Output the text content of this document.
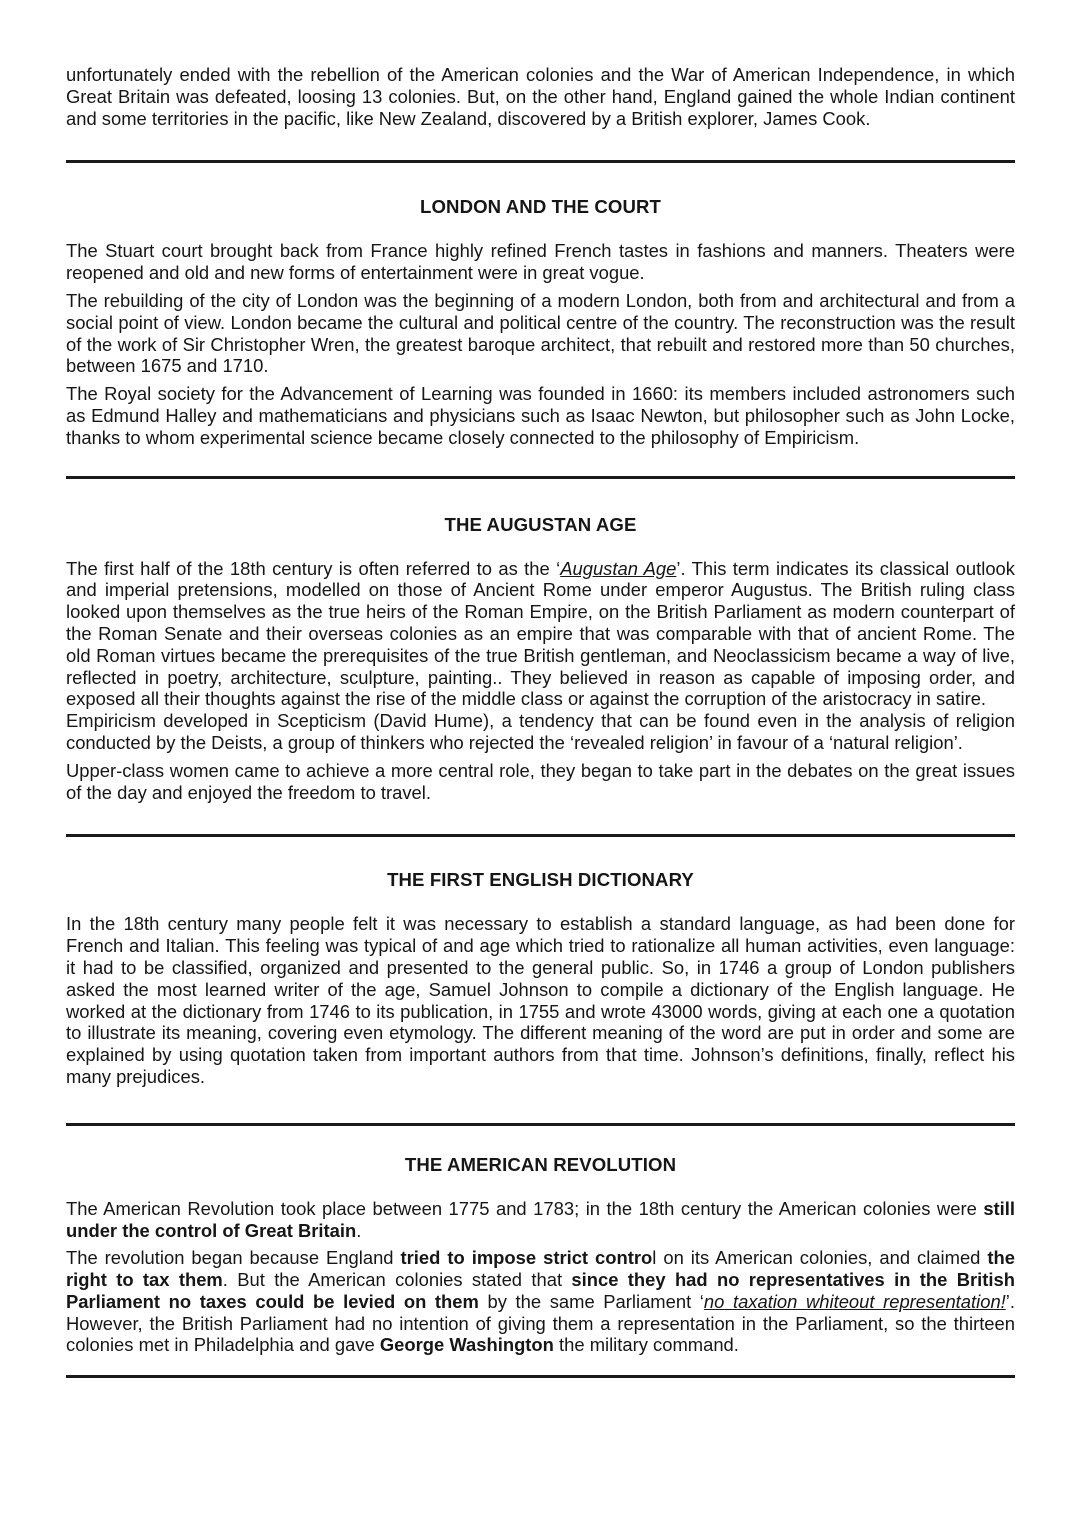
unfortunately ended with the rebellion of the American colonies and the War of American Independence, in which Great Britain was defeated, loosing 13 colonies. But, on the other hand, England gained the whole Indian continent and some territories in the pacific, like New Zealand, discovered by a British explorer, James Cook.

LONDON AND THE COURT

The Stuart court brought back from France highly refined French tastes in fashions and manners. Theaters were reopened and old and new forms of entertainment were in great vogue.

The rebuilding of the city of London was the beginning of a modern London, both from and architectural and from a social point of view. London became the cultural and political centre of the country. The reconstruction was the result of the work of Sir Christopher Wren, the greatest baroque architect, that rebuilt and restored more than 50 churches, between 1675 and 1710.

The Royal society for the Advancement of Learning was founded in 1660: its members included astronomers such as Edmund Halley and mathematicians and physicians such as Isaac Newton, but philosopher such as John Locke, thanks to whom experimental science became closely connected to the philosophy of Empiricism.

THE AUGUSTAN AGE

The first half of the 18th century is often referred to as the ‘Augustan Age’. This term indicates its classical outlook and imperial pretensions, modelled on those of Ancient Rome under emperor Augustus. The British ruling class looked upon themselves as the true heirs of the Roman Empire, on the British Parliament as modern counterpart of the Roman Senate and their overseas colonies as an empire that was comparable with that of ancient Rome. The old Roman virtues became the prerequisites of the true British gentleman, and Neoclassicism became a way of live, reflected in poetry, architecture, sculpture, painting.. They believed in reason as capable of imposing order, and exposed all their thoughts against the rise of the middle class or against the corruption of the aristocracy in satire.

Empiricism developed in Scepticism (David Hume), a tendency that can be found even in the analysis of religion conducted by the Deists, a group of thinkers who rejected the ‘revealed religion’ in favour of a ‘natural religion’.

Upper-class women came to achieve a more central role, they began to take part in the debates on the great issues of the day and enjoyed the freedom to travel.

THE FIRST ENGLISH DICTIONARY

In the 18th century many people felt it was necessary to establish a standard language, as had been done for French and Italian. This feeling was typical of and age which tried to rationalize all human activities, even language: it had to be classified, organized and presented to the general public. So, in 1746 a group of London publishers asked the most learned writer of the age, Samuel Johnson to compile a dictionary of the English language. He worked at the dictionary from 1746 to its publication, in 1755 and wrote 43000 words, giving at each one a quotation to illustrate its meaning, covering even etymology. The different meaning of the word are put in order and some are explained by using quotation taken from important authors from that time. Johnson’s definitions, finally, reflect his many prejudices.

THE AMERICAN REVOLUTION

The American Revolution took place between 1775 and 1783; in the 18th century the American colonies were still under the control of Great Britain.

The revolution began because England tried to impose strict control on its American colonies, and claimed the right to tax them. But the American colonies stated that since they had no representatives in the British Parliament no taxes could be levied on them by the same Parliament ‘no taxation whiteout representation!’. However, the British Parliament had no intention of giving them a representation in the Parliament, so the thirteen colonies met in Philadelphia and gave George Washington the military command.
